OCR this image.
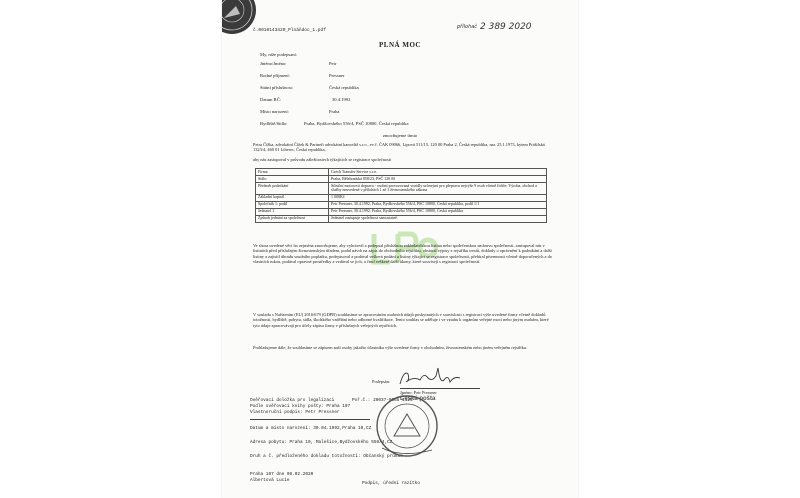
č.0010143420_Plnáňdoc_1.pdf
přílohač 2 389 2020
PLNÁ MOC
My, níže podepsaní:
Jméno/Jméno:	Petr
Rodné příjmení:	Pressner
Státní příslušnost:	Česká republika
Datum RČ:	30.4.1992
Místo narození:	Praha
Bydliště/Sídlo:	Praha, Bydžovského 556/4, PSČ 10800, Česká republika
zmocňujeme tímto
Petra Čížka, advokátní Čížek & Partneři advokátní kancelář s.r.o., ev.č. ČAK 09066, Lipová 511/15, 120 00 Praha 2, Česká republika, nar. 25.1.1973, bytem Prášilská 1323/4, 460 01 Liberec, Česká republika,
aby nás zastupoval v průvodu záležitostech týkajících se registrace společnosti
Firma	Czech Transfer Service s.r.o.
Sídlo	Praha, Bělehradská 858/23, PSČ 120 00
Předmět podnikání	Silniční motorová doprava - osobní provozovaná vozidly určenými pro přepravu nejvýše 9 osob včetně řidiče; Výroba, obchod a služby neuvedené v přílohách 1 až 3 živnostenského zákona
Základní kapitál	1 000Kč
Společník 1; podíl	Petr Pressner, 30.4.1992, Praha, Bydžovského 556/4, PSČ 10800, Česká republika, podíl 1/1
Jednatel 1	Petr Pressner, 30.4.1992, Praha, Bydžovského 556/4, PSČ 10800, Česká republika
Způsob jednání za společnost	Jednatel zastupuje společnost samostatně.
Ve shora uvedené věci ho zejména zmocňujeme, aby vyhotovil a podepsal příslušnou zakladatelskou listinu nebo společenskou smlouvu společnosti, zastupoval nás v listinách před příslušným živnostenským úřadem, podal návrh na zápis do obchodního rejstříku, obstaral výpisy z rejstříku trestů, doklady o oprávnění k podnikání a další listiny a zajistil úhradu soudního poplatku, podepisoval a podával veškerá podání a listiny týkající se registrace společnosti, přebíral písemnosti včetně doporučených a do vlastních rukou, podával opravné prostředky a vzdával se jich, a činil veškeré další úkony, které souvisejí s registrací společnosti.
V souladu s Nařízením (EU) 2016/679 (GDPR) souhlasíme se zpracováním osobních údajů poskytnutých v souvislosti s registrací výše uvedené firmy včetně dokladů totožnosti, bydliště, pobytu, sídla, školského vzdělání nebo odborné kvalifikace. Tento souhlas se uděluje i ve vztahu k orgánům veřejné moci nebo jiným osobám, které tyto údaje zpracovávají pro účely zápisu firmy v příslušných veřejných rejstřících.
Prohlašujeme dále, že souhlasíme se zápisem naší osoby jakožto účastníka výše uvedené firmy v obchodním, živnostenském nebo jiném veřejném rejstříku.
Podepsán:
Jméno: Petr Pressner
Ověřovací doložka pro legalizaci	Poř.č.: 20037-0085-1125
Podle ověřovací knihy pošty: Praha 107
Vlastnoruční podpis: Petr Pressner
Datum a místo narození: 30.04.1992,Praha 10,CZ
Adresa pobytu: Praha 10, Malešice,Bydžovského 556/4,CZ
Druh a č. předloženého dokladu totožnosti: Občanský průkaz
Praha 107 dne 06.02.2020
Albertová Lucie
Podpis, úřední razítko
Česká pošta
